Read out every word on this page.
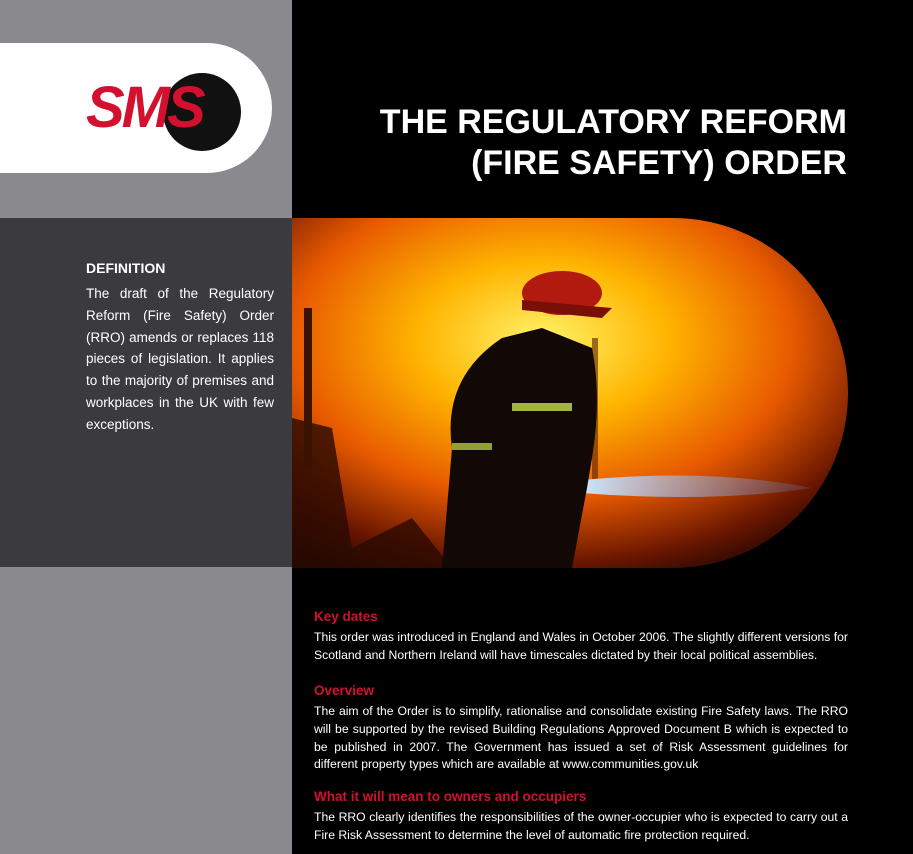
SMS
DEFINITION
The draft of the Regulatory Reform (Fire Safety) Order (RRO) amends or replaces 118 pieces of legislation. It applies to the majority of premises and workplaces in the UK with few exceptions.
THE REGULATORY REFORM
(FIRE SAFETY) ORDER
Key dates
This order was introduced in England and Wales in October 2006. The slightly different versions for Scotland and Northern Ireland will have timescales dictated by their local political assemblies.
Overview
The aim of the Order is to simplify, rationalise and consolidate existing Fire Safety laws. The RRO will be supported by the revised Building Regulations Approved Document B which is expected to be published in 2007. The Government has issued a set of Risk Assessment guidelines for different property types which are available at www.communities.gov.uk
What it will mean to owners and occupiers
The RRO clearly identifies the responsibilities of the owner-occupier who is expected to carry out a Fire Risk Assessment to determine the level of automatic fire protection required.
